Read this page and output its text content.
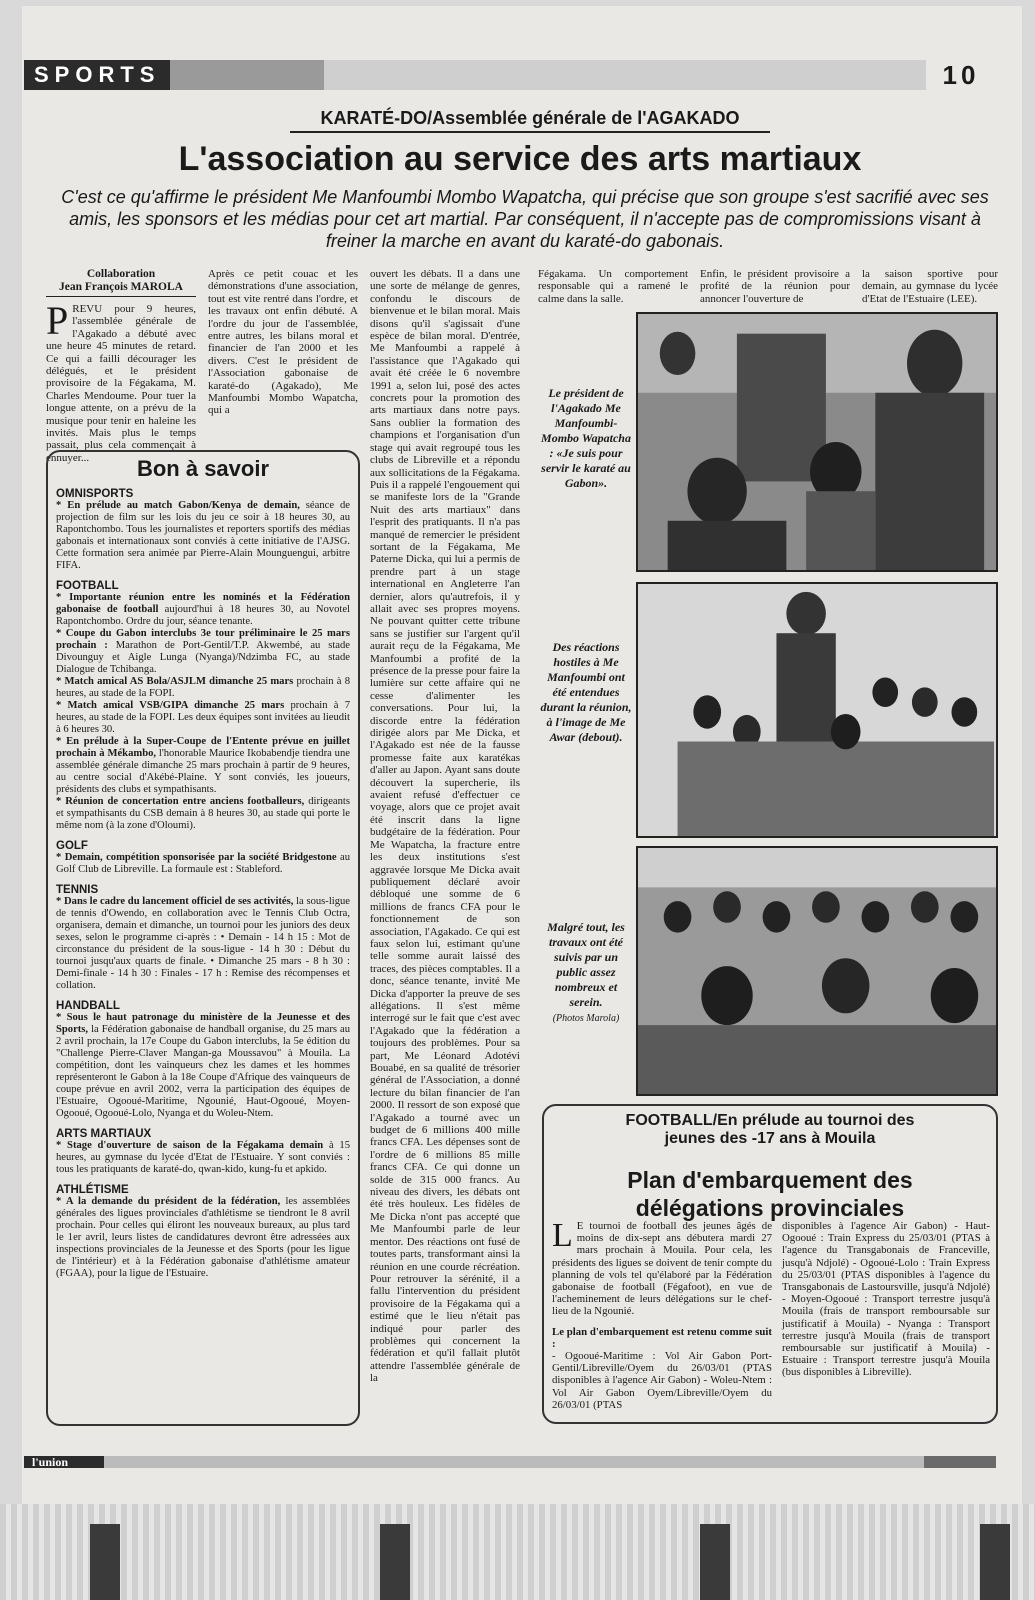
SPORTS	10
KARATÉ-DO/Assemblée générale de l'AGAKADO
L'association au service des arts martiaux
C'est ce qu'affirme le président Me Manfoumbi Mombo Wapatcha, qui précise que son groupe s'est sacrifié avec ses amis, les sponsors et les médias pour cet art martial. Par conséquent, il n'accepte pas de compromissions visant à freiner la marche en avant du karaté-do gabonais.
Collaboration
Jean François MAROLA
P REVU pour 9 heures, l'assemblée générale de l'Agakado a débuté avec une heure 45 minutes de retard. Ce qui a failli décourager les délégués, et le président provisoire de la Fégakama, M. Charles Mendoume. Pour tuer la longue attente, on a prévu de la musique pour tenir en haleine les invités. Mais plus le temps passait, plus cela commençait à ennuyer...
Après ce petit couac et les démonstrations d'une association, tout est vite rentré dans l'ordre, et les travaux ont enfin débuté. A l'ordre du jour de l'assemblée, entre autres, les bilans moral et financier de l'an 2000 et les divers. C'est le président de l'Association gabonaise de karaté-do (Agakado), Me Manfoumbi Mombo Wapatcha, qui a
ouvert les débats. Il a dans une une sorte de mélange de genres, confondu le discours de bienvenue et le bilan moral. Mais disons qu'il s'agissait d'une espèce de bilan moral. D'entrée, Me Manfoumbi a rappelé à l'assistance que l'Agakado qui avait été créée le 6 novembre 1991 a, selon lui, posé des actes concrets pour la promotion des arts martiaux dans notre pays. Sans oublier la formation des champions et l'organisation d'un stage qui avait regroupé tous les clubs de Libreville et a répondu aux sollicitations de la Fégakama. Puis il a rappelé l'engouement qui se manifeste lors de la "Grande Nuit des arts martiaux" dans l'esprit des pratiquants. Il n'a pas manqué de remercier le président sortant de la Fégakama, Me Paterne Dicka, qui lui a permis de prendre part à un stage international en Angleterre l'an dernier, alors qu'autrefois, il y allait avec ses propres moyens. Ne pouvant quitter cette tribune sans se justifier sur l'argent qu'il aurait reçu de la Fégakama, Me Manfoumbi a profité de la présence de la presse pour faire la lumière sur cette affaire qui ne cesse d'alimenter les conversations. Pour lui, la discorde entre la fédération dirigée alors par Me Dicka, et l'Agakado est née de la fausse promesse faite aux karatékas d'aller au Japon. Ayant sans doute découvert la supercherie, ils avaient refusé d'effectuer ce voyage, alors que ce projet avait été inscrit dans la ligne budgétaire de la fédération. Pour Me Wapatcha, la fracture entre les deux institutions s'est aggravée lorsque Me Dicka avait publiquement déclaré avoir débloqué une somme de 6 millions de francs CFA pour le fonctionnement de son association, l'Agakado. Ce qui est faux selon lui, estimant qu'une telle somme aurait laissé des traces, des pièces comptables. Il a donc, séance tenante, invité Me Dicka d'apporter la preuve de ses allégations. Il s'est même interrogé sur le fait que c'est avec l'Agakado que la fédération a toujours des problèmes. Pour sa part, Me Léonard Adotévi Bouabé, en sa qualité de trésorier général de l'Association, a donné lecture du bilan financier de l'an 2000. Il ressort de son exposé que l'Agakado a tourné avec un budget de 6 millions 400 mille francs CFA. Les dépenses sont de l'ordre de 6 millions 85 mille francs CFA. Ce qui donne un solde de 315 000 francs. Au niveau des divers, les débats ont été très houleux. Les fidèles de Me Dicka n'ont pas accepté que Me Manfoumbi parle de leur mentor. Des réactions ont fusé de toutes parts, transformant ainsi la réunion en une courde récréation. Pour retrouver la sérénité, il a fallu l'intervention du président provisoire de la Fégakama qui a estimé que le lieu n'était pas indiqué pour parler des problèmes qui concernent la fédération et qu'il fallait plutôt attendre l'assemblée générale de la
Fégakama. Un comportement responsable qui a ramené le calme dans la salle.
Enfin, le président provisoire a profité de la réunion pour annoncer l'ouverture de
la saison sportive pour demain, au gymnase du lycée d'Etat de l'Estuaire (LEE).
Le président de l'Agakado Me Manfoumbi-Mombo Wapatcha : «Je suis pour servir le karaté au Gabon».
Des réactions hostiles à Me Manfoumbi ont été entendues durant la réunion, à l'image de Me Awar (debout).
Malgré tout, les travaux ont été suivis par un public assez nombreux et serein.
(Photos Marola)
Bon à savoir
OMNISPORTS

* En prélude au match Gabon/Kenya de demain, séance de projection de film sur les lois du jeu ce soir à 18 heures 30, au Rapontchombo. Tous les journalistes et reporters sportifs des médias gabonais et internationaux sont conviés à cette initiative de l'AJSG. Cette formation sera animée par Pierre-Alain Mounguengui, arbitre FIFA.

FOOTBALL

* Importante réunion entre les nominés et la Fédération gabonaise de football aujourd'hui à 18 heures 30, au Novotel Rapontchombo. Ordre du jour, séance tenante.

* Coupe du Gabon interclubs 3e tour préliminaire le 25 mars prochain : Marathon de Port-Gentil/T.P. Akwembé, au stade Divounguy et Aigle Lunga (Nyanga)/Ndzimba FC, au stade Dialogue de Tchibanga.

* Match amical AS Bola/ASJLM dimanche 25 mars prochain à 8 heures, au stade de la FOPI.

* Match amical VSB/GIPA dimanche 25 mars prochain à 7 heures, au stade de la FOPI. Les deux équipes sont invitées au lieudit à 6 heures 30.

* En prélude à la Super-Coupe de l'Entente prévue en juillet prochain à Mékambo, l'honorable Maurice Ikobabendje tiendra une assemblée générale dimanche 25 mars prochain à partir de 9 heures, au centre social d'Akébé-Plaine. Y sont conviés, les joueurs, présidents des clubs et sympathisants.

* Réunion de concertation entre anciens footballeurs, dirigeants et sympathisants du CSB demain à 8 heures 30, au stade qui porte le même nom (à la zone d'Oloumi).

GOLF

* Demain, compétition sponsorisée par la société Bridgestone au Golf Club de Libreville. La formaule est : Stableford.

TENNIS

* Dans le cadre du lancement officiel de ses activités, la sous-ligue de tennis d'Owendo, en collaboration avec le Tennis Club Octra, organisera, demain et dimanche, un tournoi pour les juniors des deux sexes, selon le programme ci-après : • Demain - 14 h 15 : Mot de circonstance du président de la sous-ligue - 14 h 30 : Début du tournoi jusqu'aux quarts de finale. • Dimanche 25 mars - 8 h 30 : Demi-finale - 14 h 30 : Finales - 17 h : Remise des récompenses et collation.

HANDBALL

* Sous le haut patronage du ministère de la Jeunesse et des Sports, la Fédération gabonaise de handball organise, du 25 mars au 2 avril prochain, la 17e Coupe du Gabon interclubs, la 5e édition du "Challenge Pierre-Claver Mangan-ga Moussavou" à Mouila. La compétition, dont les vainqueurs chez les dames et les hommes représenteront le Gabon à la 18e Coupe d'Afrique des vainqueurs de coupe prévue en avril 2002, verra la participation des équipes de l'Estuaire, Ogooué-Maritime, Ngounié, Haut-Ogooué, Moyen-Ogooué, Ogooué-Lolo, Nyanga et du Woleu-Ntem.

ARTS MARTIAUX

* Stage d'ouverture de saison de la Fégakama demain à 15 heures, au gymnase du lycée d'Etat de l'Estuaire. Y sont conviés : tous les pratiquants de karaté-do, qwan-kido, kung-fu et apkido.

ATHLÉTISME

* A la demande du président de la fédération, les assemblées générales des ligues provinciales d'athlétisme se tiendront le 8 avril prochain. Pour celles qui éliront les nouveaux bureaux, au plus tard le 1er avril, leurs listes de candidatures devront être adressées aux inspections provinciales de la Jeunesse et des Sports (pour les ligue de l'intérieur) et à la Fédération gabonaise d'athlétisme amateur (FGAA), pour la ligue de l'Estuaire.

FOOTBALL/En prélude au tournoi des jeunes des -17 ans à Mouila
Plan d'embarquement des délégations provinciales
L E tournoi de football des jeunes âgés de moins de dix-sept ans débutera mardi 27 mars prochain à Mouila. Pour cela, les présidents des ligues se doivent de tenir compte du planning de vols tel qu'élaboré par la Fédération gabonaise de football (Fégafoot), en vue de l'acheminement de leurs délégations sur le chef-lieu de la Ngounié.
Le plan d'embarquement est retenu comme suit :
- Ogooué-Maritime : Vol Air Gabon Port-Gentil/Libreville/Oyem du 26/03/01 (PTAS disponibles à l'agence Air Gabon) - Woleu-Ntem : Vol Air Gabon Oyem/Libreville/Oyem du 26/03/01 (PTAS
disponibles à l'agence Air Gabon) - Haut-Ogooué : Train Express du 25/03/01 (PTAS à l'agence du Transgabonais de Franceville, jusqu'à Ndjolé) - Ogooué-Lolo : Train Express du 25/03/01 (PTAS disponibles à l'agence du Transgabonais de Lastoursville, jusqu'à Ndjolé) - Moyen-Ogooué : Transport terrestre jusqu'à Mouila (frais de transport remboursable sur justificatif à Mouila) - Nyanga : Transport terrestre jusqu'à Mouila (frais de transport remboursable sur justificatif à Mouila) - Estuaire : Transport terrestre jusqu'à Mouila (bus disponibles à Libreville).
l'union
